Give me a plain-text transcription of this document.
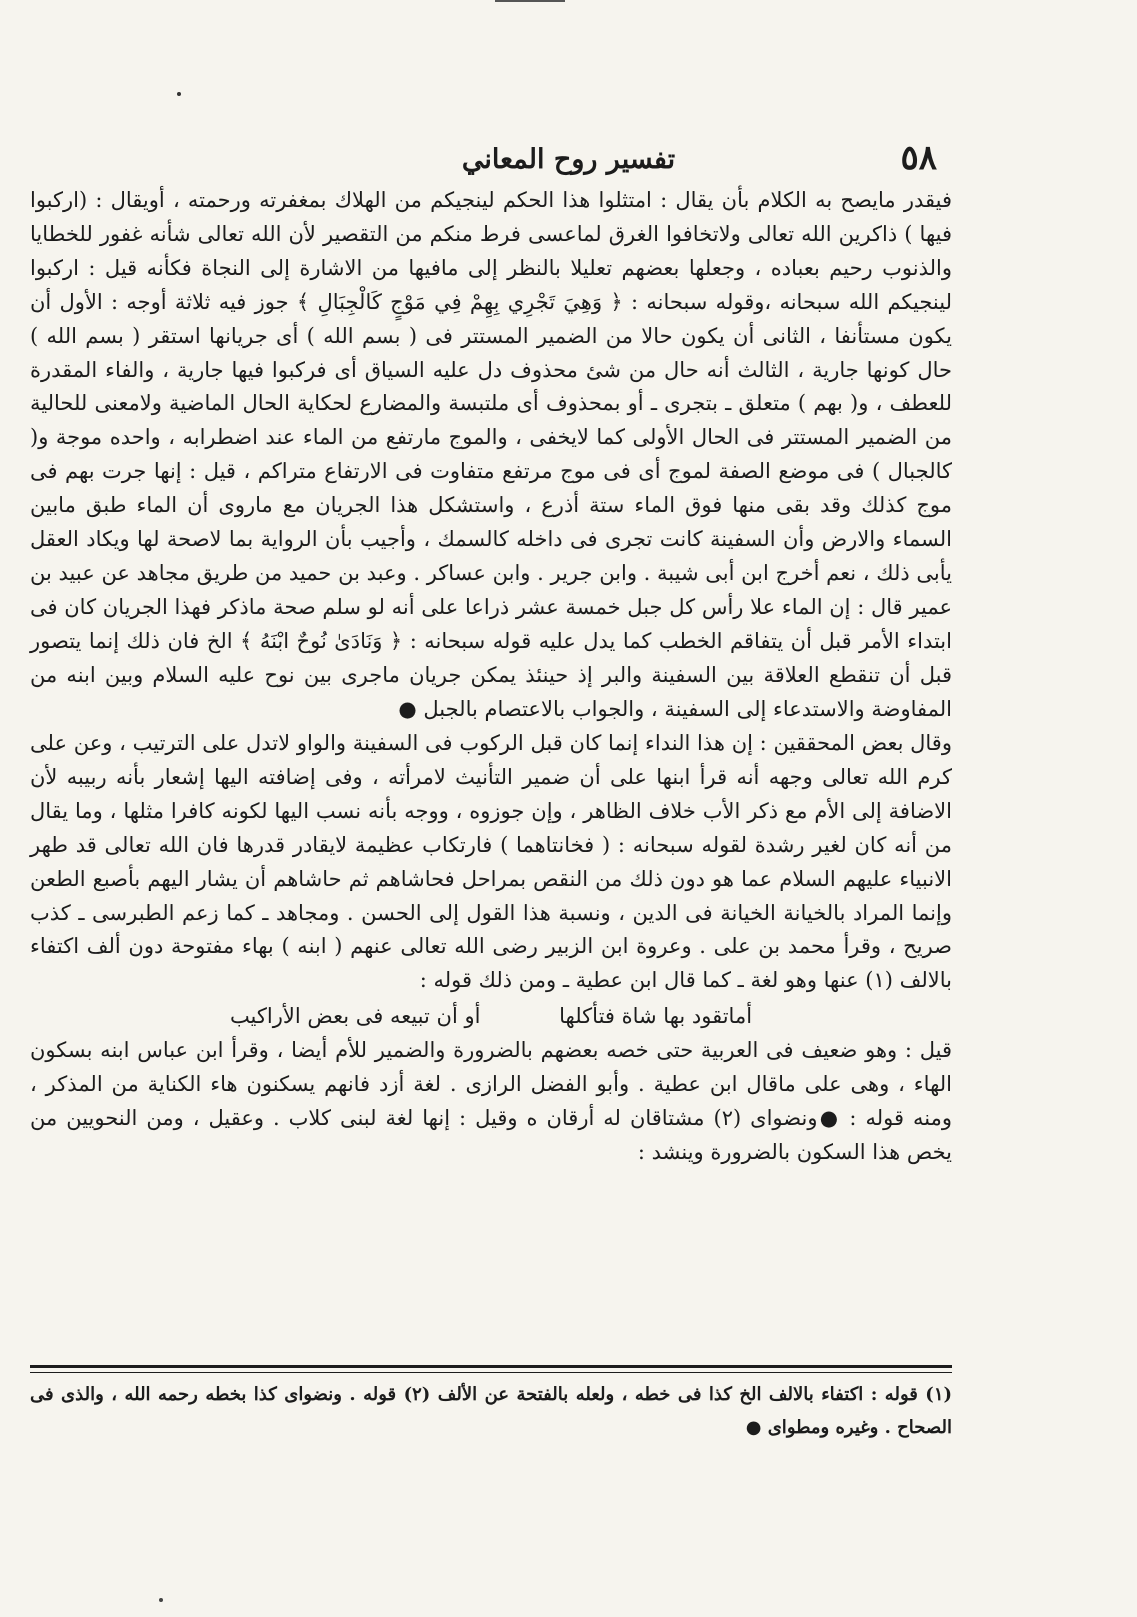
تفسير روح المعاني	٥٨

فيقدر مايصح به الكلام بأن يقال : امتثلوا هذا الحكم لينجيكم من الهلاك بمغفرته ورحمته ، أويقال : (اركبوا فيها ) ذاكرين الله تعالى ولاتخافوا الغرق لماعسى فرط منكم من التقصير لأن الله تعالى شأنه غفور للخطايا والذنوب رحيم بعباده ، وجعلها بعضهم تعليلا بالنظر إلى مافيها من الاشارة إلى النجاة فكأنه قيل : اركبوا لينجيكم الله سبحانه ،وقوله سبحانه : ﴿ وَهِيَ تَجْرِي بِهِمْ فِي مَوْجٍ كَالْجِبَالِ ﴾ جوز فيه ثلاثة أوجه : الأول أن يكون مستأنفا ، الثانى أن يكون حالا من الضمير المستتر فى ( بسم الله ) أى جريانها استقر ( بسم الله ) حال كونها جارية ، الثالث أنه حال من شئ محذوف دل عليه السياق أى فركبوا فيها جارية ، والفاء المقدرة للعطف ، و( بهم ) متعلق ـ بتجرى ـ أو بمحذوف أى ملتبسة والمضارع لحكاية الحال الماضية ولامعنى للحالية من الضمير المستتر فى الحال الأولى كما لايخفى ، والموج مارتفع من الماء عند اضطرابه ، واحده موجة و( كالجبال ) فى موضع الصفة لموج أى فى موج مرتفع متفاوت فى الارتفاع متراكم ، قيل : إنها جرت بهم فى موج كذلك وقد بقى منها فوق الماء ستة أذرع ، واستشكل هذا الجريان مع ماروى أن الماء طبق مابين السماء والارض وأن السفينة كانت تجرى فى داخله كالسمك ، وأجيب بأن الرواية بما لاصحة لها ويكاد العقل يأبى ذلك ، نعم أخرج ابن أبى شيبة . وابن جرير . وابن عساكر . وعبد بن حميد من طريق مجاهد عن عبيد بن عمير قال : إن الماء علا رأس كل جبل خمسة عشر ذراعا على أنه لو سلم صحة ماذكر فهذا الجريان كان فى ابتداء الأمر قبل أن يتفاقم الخطب كما يدل عليه قوله سبحانه : ﴿ وَنَادَىٰ نُوحٌ ابْنَهُ ﴾ الخ فان ذلك إنما يتصور قبل أن تنقطع العلاقة بين السفينة والبر إذ حينئذ يمكن جريان ماجرى بين نوح عليه السلام وبين ابنه من المفاوضة والاستدعاء إلى السفينة ، والجواب بالاعتصام بالجبل ●

(١) قوله : اكتفاء بالالف الخ كذا فى خطه ، ولعله بالفتحة عن الألف (٢) قوله . ونضواى كذا بخطه رحمه الله ، والذى فى الصحاح . وغيره ومطواى ●

وقال بعض المحققين : إن هذا النداء إنما كان قبل الركوب فى السفينة والواو لاتدل على الترتيب ، وعن على كرم الله تعالى وجهه أنه قرأ ابنها على أن ضمير التأنيث لامرأته ، وفى إضافته اليها إشعار بأنه ربيبه لأن الاضافة إلى الأم مع ذكر الأب خلاف الظاهر ، وإن جوزوه ، ووجه بأنه نسب اليها لكونه كافرا مثلها ، وما يقال من أنه كان لغير رشدة لقوله سبحانه : ( فخانتاهما ) فارتكاب عظيمة لايقادر قدرها فان الله تعالى قد طهر الانبياء عليهم السلام عما هو دون ذلك من النقص بمراحل فحاشاهم ثم حاشاهم أن يشار اليهم بأصبع الطعن وإنما المراد بالخيانة الخيانة فى الدين ، ونسبة هذا القول إلى الحسن . ومجاهد ـ كما زعم الطبرسى ـ كذب صريح ، وقرأ محمد بن على . وعروة ابن الزبير رضى الله تعالى عنهم ( ابنه ) بهاء مفتوحة دون ألف اكتفاء بالالف (١) عنها وهو لغة ـ كما قال ابن عطية ـ ومن ذلك قوله :

أماتقود بها شاة فتأكلها أو أن تبيعه فى بعض الأراكيب

قيل : وهو ضعيف فى العربية حتى خصه بعضهم بالضرورة والضمير للأم أيضا ، وقرأ ابن عباس ابنه بسكون الهاء ، وهى على ماقال ابن عطية . وأبو الفضل الرازى . لغة أزد فانهم يسكنون هاء الكناية من المذكر ، ومنه قوله : ●ونضواى (٢) مشتاقان له أرقان ه وقيل : إنها لغة لبنى كلاب . وعقيل ، ومن النحويين من يخص هذا السكون بالضرورة وينشد :
